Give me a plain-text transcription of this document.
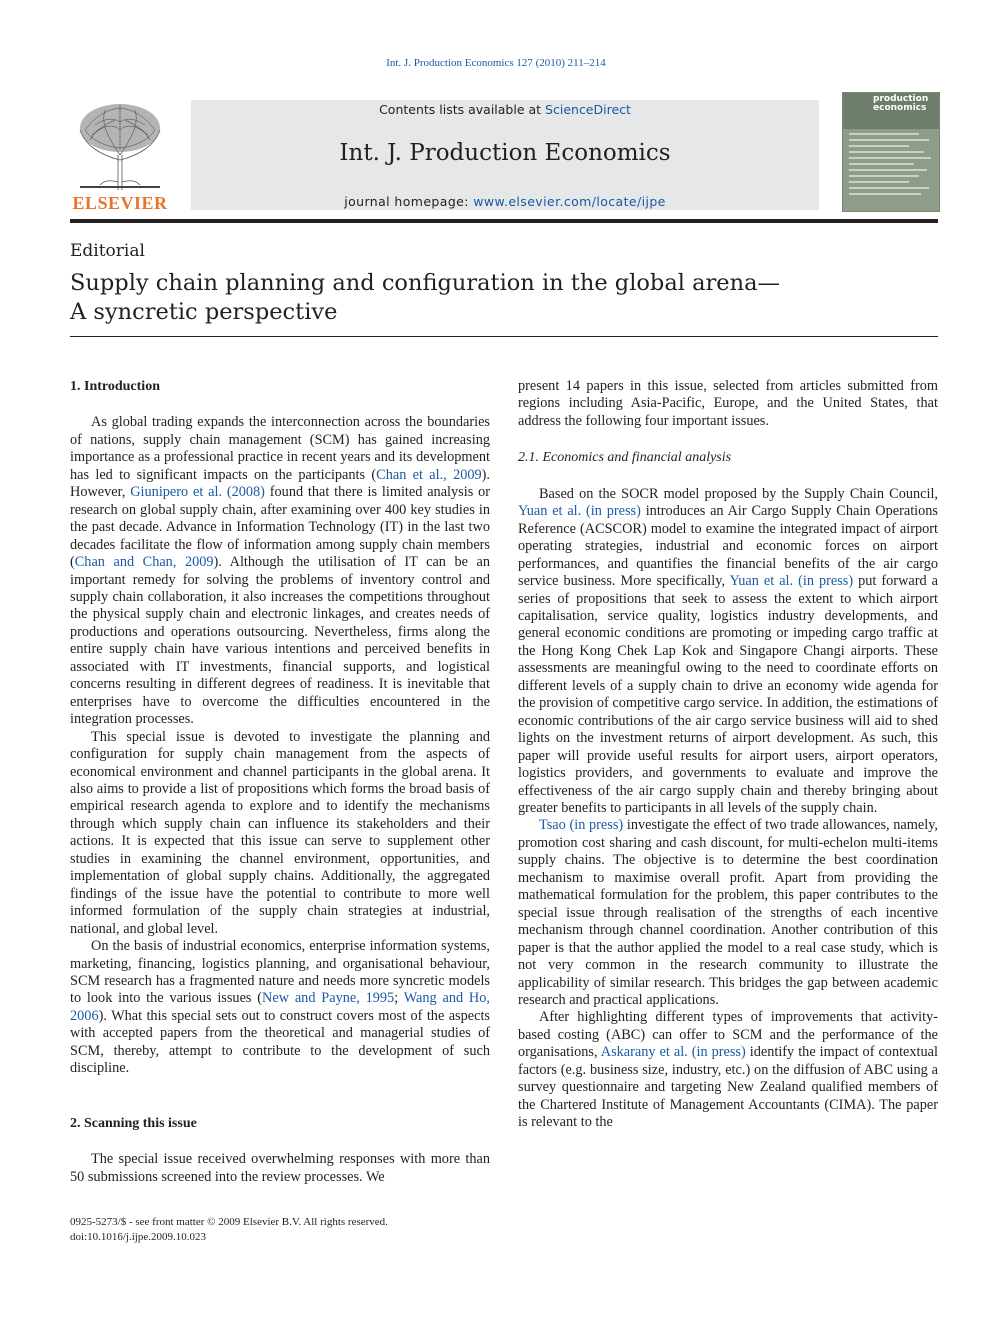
Int. J. Production Economics 127 (2010) 211–214
ELSEVIER
Contents lists available at ScienceDirect
Int. J. Production Economics
journal homepage: www.elsevier.com/locate/ijpe
production economics
Editorial
Supply chain planning and configuration in the global arena—
A syncretic perspective

1. Introduction

As global trading expands the interconnection across the boundaries of nations, supply chain management (SCM) has gained increasing importance as a professional practice in recent years and its development has led to significant impacts on the participants (Chan et al., 2009). However, Giunipero et al. (2008) found that there is limited analysis or research on global supply chain, after examining over 400 key studies in the past decade. Advance in Information Technology (IT) in the last two decades facilitate the flow of information among supply chain members (Chan and Chan, 2009). Although the utilisation of IT can be an important remedy for solving the problems of inventory control and supply chain collaboration, it also increases the competitions throughout the physical supply chain and electronic linkages, and creates needs of productions and operations outsourcing. Nevertheless, firms along the entire supply chain have various intentions and perceived benefits in associated with IT investments, financial supports, and logistical concerns resulting in different degrees of readiness. It is inevitable that enterprises have to overcome the difficulties encountered in the integration processes.

This special issue is devoted to investigate the planning and configuration for supply chain management from the aspects of economical environment and channel participants in the global arena. It also aims to provide a list of propositions which forms the broad basis of empirical research agenda to explore and to identify the mechanisms through which supply chain can influence its stakeholders and their actions. It is expected that this issue can serve to supplement other studies in examining the channel environment, opportunities, and implementation of global supply chains. Additionally, the aggregated findings of the issue have the potential to contribute to more well informed formulation of the supply chain strategies at industrial, national, and global level.

On the basis of industrial economics, enterprise information systems, marketing, financing, logistics planning, and organisational behaviour, SCM research has a fragmented nature and needs more syncretic models to look into the various issues (New and Payne, 1995; Wang and Ho, 2006). What this special sets out to construct covers most of the aspects with accepted papers from the theoretical and managerial studies of SCM, thereby, attempt to contribute to the development of such discipline.

2. Scanning this issue

The special issue received overwhelming responses with more than 50 submissions screened into the review processes. We

present 14 papers in this issue, selected from articles submitted from regions including Asia-Pacific, Europe, and the United States, that address the following four important issues.

2.1. Economics and financial analysis

Based on the SOCR model proposed by the Supply Chain Council, Yuan et al. (in press) introduces an Air Cargo Supply Chain Operations Reference (ACSCOR) model to examine the integrated impact of airport operating strategies, industrial and economic forces on airport performances, and quantifies the financial benefits of the air cargo service business. More specifically, Yuan et al. (in press) put forward a series of propositions that seek to assess the extent to which airport capitalisation, service quality, logistics industry developments, and general economic conditions are promoting or impeding cargo traffic at the Hong Kong Chek Lap Kok and Singapore Changi airports. These assessments are meaningful owing to the need to coordinate efforts on different levels of a supply chain to drive an economy wide agenda for the provision of competitive cargo service. In addition, the estimations of economic contributions of the air cargo service business will aid to shed lights on the investment returns of airport development. As such, this paper will provide useful results for airport users, airport operators, logistics providers, and governments to evaluate and improve the effectiveness of the air cargo supply chain and thereby bringing about greater benefits to participants in all levels of the supply chain.

Tsao (in press) investigate the effect of two trade allowances, namely, promotion cost sharing and cash discount, for multi-echelon multi-items supply chains. The objective is to determine the best coordination mechanism to maximise overall profit. Apart from providing the mathematical formulation for the problem, this paper contributes to the special issue through realisation of the strengths of each incentive mechanism through channel coordination. Another contribution of this paper is that the author applied the model to a real case study, which is not very common in the research community to illustrate the applicability of similar research. This bridges the gap between academic research and practical applications.

After highlighting different types of improvements that activity-based costing (ABC) can offer to SCM and the performance of the organisations, Askarany et al. (in press) identify the impact of contextual factors (e.g. business size, industry, etc.) on the diffusion of ABC using a survey questionnaire and targeting New Zealand qualified members of the Chartered Institute of Management Accountants (CIMA). The paper is relevant to the

0925-5273/$ - see front matter © 2009 Elsevier B.V. All rights reserved.
doi:10.1016/j.ijpe.2009.10.023
